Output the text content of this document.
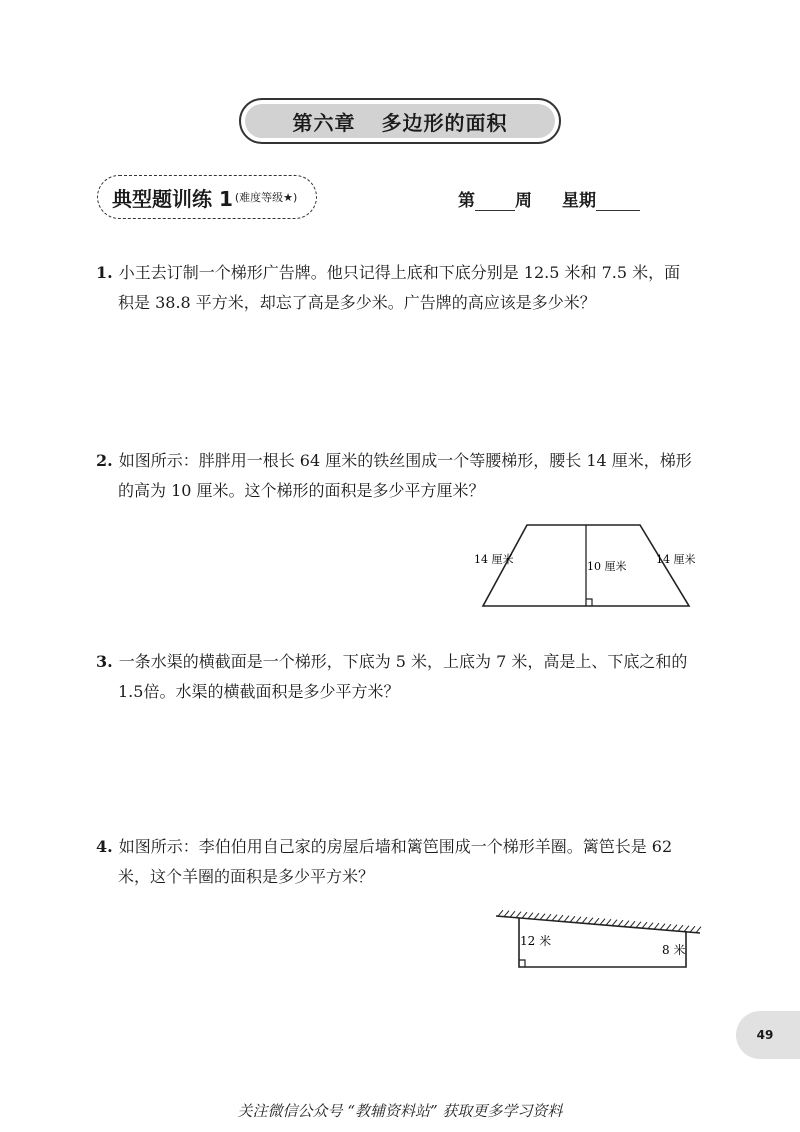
第六章 多边形的面积
典型题训练 1 (难度等级★)	第 周 星期
1. 小王去订制一个梯形广告牌。他只记得上底和下底分别是 12.5 米和 7.5 米，面
积是 38.8 平方米，却忘了高是多少米。广告牌的高应该是多少米？
2. 如图所示：胖胖用一根长 64 厘米的铁丝围成一个等腰梯形，腰长 14 厘米，梯形
的高为 10 厘米。这个梯形的面积是多少平方厘米？
14 厘米
10 厘米
14 厘米
3. 一条水渠的横截面是一个梯形，下底为 5 米，上底为 7 米，高是上、下底之和的
1.5倍。水渠的横截面积是多少平方米？
4. 如图所示：李伯伯用自己家的房屋后墙和篱笆围成一个梯形羊圈。篱笆长是 62
米，这个羊圈的面积是多少平方米？
12 米
8 米
49
关注微信公众号 “教辅资料站” 获取更多学习资料
